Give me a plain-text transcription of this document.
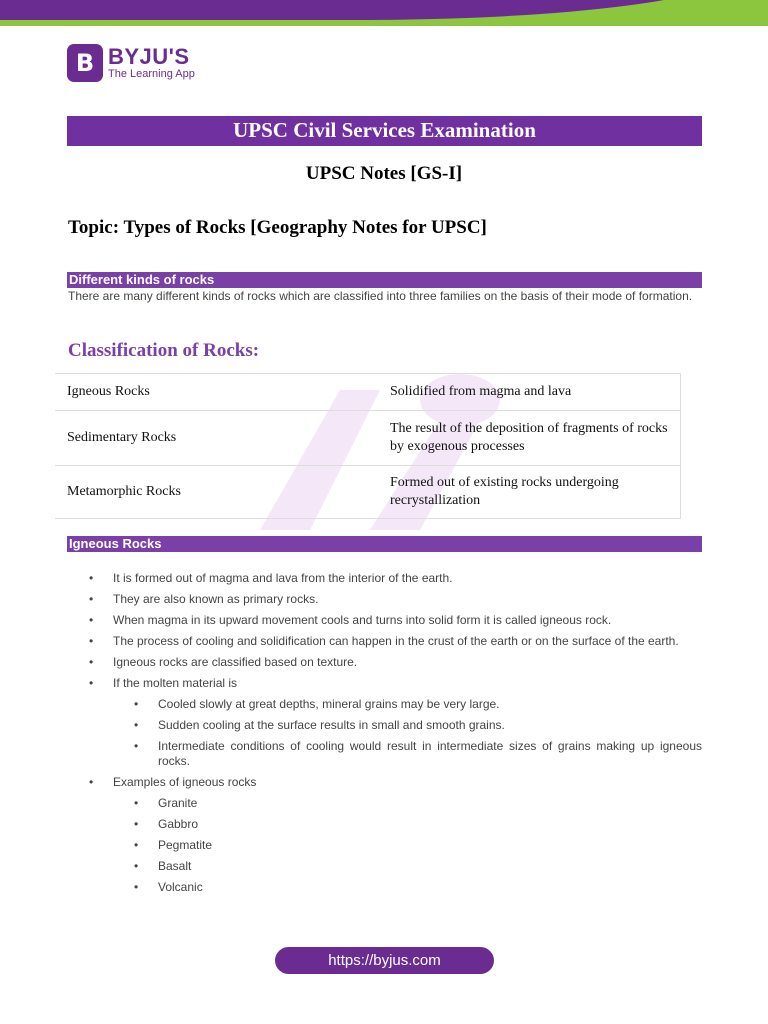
B BYJU'S
The Learning App
UPSC Civil Services Examination
UPSC Notes [GS-I]
Topic: Types of Rocks [Geography Notes for UPSC]
Different kinds of rocks
There are many different kinds of rocks which are classified into three families on the basis of their mode of formation.
Classification of Rocks:
Igneous Rocks	Solidified from magma and lava
Sedimentary Rocks	The result of the deposition of fragments of rocks by exogenous processes
Metamorphic Rocks	Formed out of existing rocks undergoing recrystallization
Igneous Rocks
• It is formed out of magma and lava from the interior of the earth.
• They are also known as primary rocks.
• When magma in its upward movement cools and turns into solid form it is called igneous rock.
• The process of cooling and solidification can happen in the crust of the earth or on the surface of the earth.
• Igneous rocks are classified based on texture.
• If the molten material is
• Cooled slowly at great depths, mineral grains may be very large.
• Sudden cooling at the surface results in small and smooth grains.
• Intermediate conditions of cooling would result in intermediate sizes of grains making up igneous rocks.
• Examples of igneous rocks
• Granite
• Gabbro
• Pegmatite
• Basalt
• Volcanic
https://byjus.com
